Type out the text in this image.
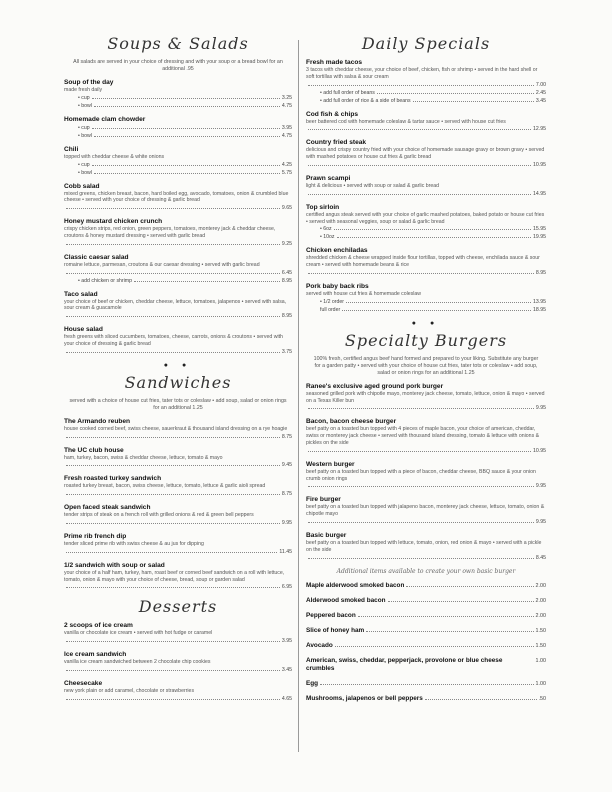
Soups & Salads
All salads are served in your choice of dressing and with your soup or a bread bowl for an additional .95
Soup of the day
made fresh daily
• cup	3.25
• bowl	4.75
Homemade clam chowder
• cup	3.95
• bowl	4.75
Chili
topped with cheddar cheese & white onions
• cup	4.25
• bowl	5.75
Cobb salad
mixed greens, chicken breast, bacon, hard boiled egg, avocado, tomatoes, onion & crumbled blue cheese • served with your choice of dressing & garlic bread
9.65
Honey mustard chicken crunch
crispy chicken strips, red onion, green peppers, tomatoes, monterey jack & cheddar cheese, croutons & honey mustard dressing • served with garlic bread
9.25
Classic caesar salad
romaine lettuce, parmesan, croutons & our caesar dressing • served with garlic bread
6.45
• add chicken or shrimp	8.95
Taco salad
your choice of beef or chicken, cheddar cheese, lettuce, tomatoes, jalapenos • served with salsa, sour cream & guacamole
8.95
House salad
fresh greens with sliced cucumbers, tomatoes, cheese, carrots, onions & croutons • served with your choice of dressing & garlic bread
3.75
● ●
Sandwiches
served with a choice of house cut fries, tater tots or coleslaw • add soup, salad or onion rings for an additional 1.25
The Armando reuben
house cooked corned beef, swiss cheese, sauerkraut & thousand island dressing on a rye hoagie
8.75
The UC club house
ham, turkey, bacon, swiss & cheddar cheese, lettuce, tomato & mayo
9.45
Fresh roasted turkey sandwich
roasted turkey breast, bacon, swiss cheese, lettuce, tomato, lettuce & garlic aioli spread
8.75
Open faced steak sandwich
tender strips of steak on a french roll with grilled onions & red & green bell peppers
9.95
Prime rib french dip
tender sliced prime rib with swiss cheese & au jus for dipping
11.45
1/2 sandwich with soup or salad
your choice of a half ham, turkey, ham, roast beef or corned beef sandwich on a roll with lettuce, tomato, onion & mayo with your choice of cheese, bread, soup or garden salad
6.95
Desserts
2 scoops of ice cream
vanilla or chocolate ice cream • served with hot fudge or caramel
3.95
Ice cream sandwich
vanilla ice cream sandwiched between 2 chocolate chip cookies
3.45
Cheesecake
new york plain or add caramel, chocolate or strawberries
4.65
Daily Specials
Fresh made tacos
3 tacos with cheddar cheese, your choice of beef, chicken, fish or shrimp • served in the hard shell or soft tortillas with salsa & sour cream
7.00
• add full order of beans	2.45
• add full order of rice & a side of beans	3.45
Cod fish & chips
beer battered cod with homemade coleslaw & tartar sauce • served with house cut fries
12.95
Country fried steak
delicious and crispy country fried with your choice of homemade sausage gravy or brown gravy • served with mashed potatoes or house cut fries & garlic bread
10.95
Prawn scampi
light & delicious • served with soup or salad & garlic bread
14.95
Top sirloin
certified angus steak served with your choice of garlic mashed potatoes, baked potato or house cut fries • served with seasonal veggies, soup or salad & garlic bread
• 6oz	15.95
• 10oz	19.95
Chicken enchiladas
shredded chicken & cheese wrapped inside flour tortillas, topped with cheese, enchilada sauce & sour cream • served with homemade beans & rice
8.95
Pork baby back ribs
served with house cut fries & homemade coleslaw
• 1/2 order	13.95
full order	18.95
● ●
Specialty Burgers
100% fresh, certified angus beef hand formed and prepared to your liking. Substitute any burger for a garden patty • served with your choice of house cut fries, tater tots or coleslaw • add soup, salad or onion rings for an additional 1.25
Ranee's exclusive aged ground pork burger
seasoned grilled pork with chipotle mayo, monterey jack cheese, tomato, lettuce, onion & mayo • served on a Texas Killer bun
9.95
Bacon, bacon cheese burger
beef patty on a toasted bun topped with 4 pieces of maple bacon, your choice of american, cheddar, swiss or monterey jack cheese • served with thousand island dressing, tomato & lettuce with onions & pickles on the side
10.95
Western burger
beef patty on a toasted bun topped with a piece of bacon, cheddar cheese, BBQ sauce & your onion crumb onion rings
9.95
Fire burger
beef patty on a toasted bun topped with jalapeno bacon, monterey jack cheese, lettuce, tomato, onion & chipotle mayo
9.95
Basic burger
beef patty on a toasted bun topped with lettuce, tomato, onion, red onion & mayo • served with a pickle on the side
8.45
Additional items available to create your own basic burger
Maple alderwood smoked bacon	2.00
Alderwood smoked bacon	2.00
Peppered bacon	2.00
Slice of honey ham	1.50
Avocado	1.50
American, swiss, cheddar, pepperjack, provolone or blue cheese crumbles
1.00
Egg	1.00
Mushrooms, jalapenos or bell peppers	.50
